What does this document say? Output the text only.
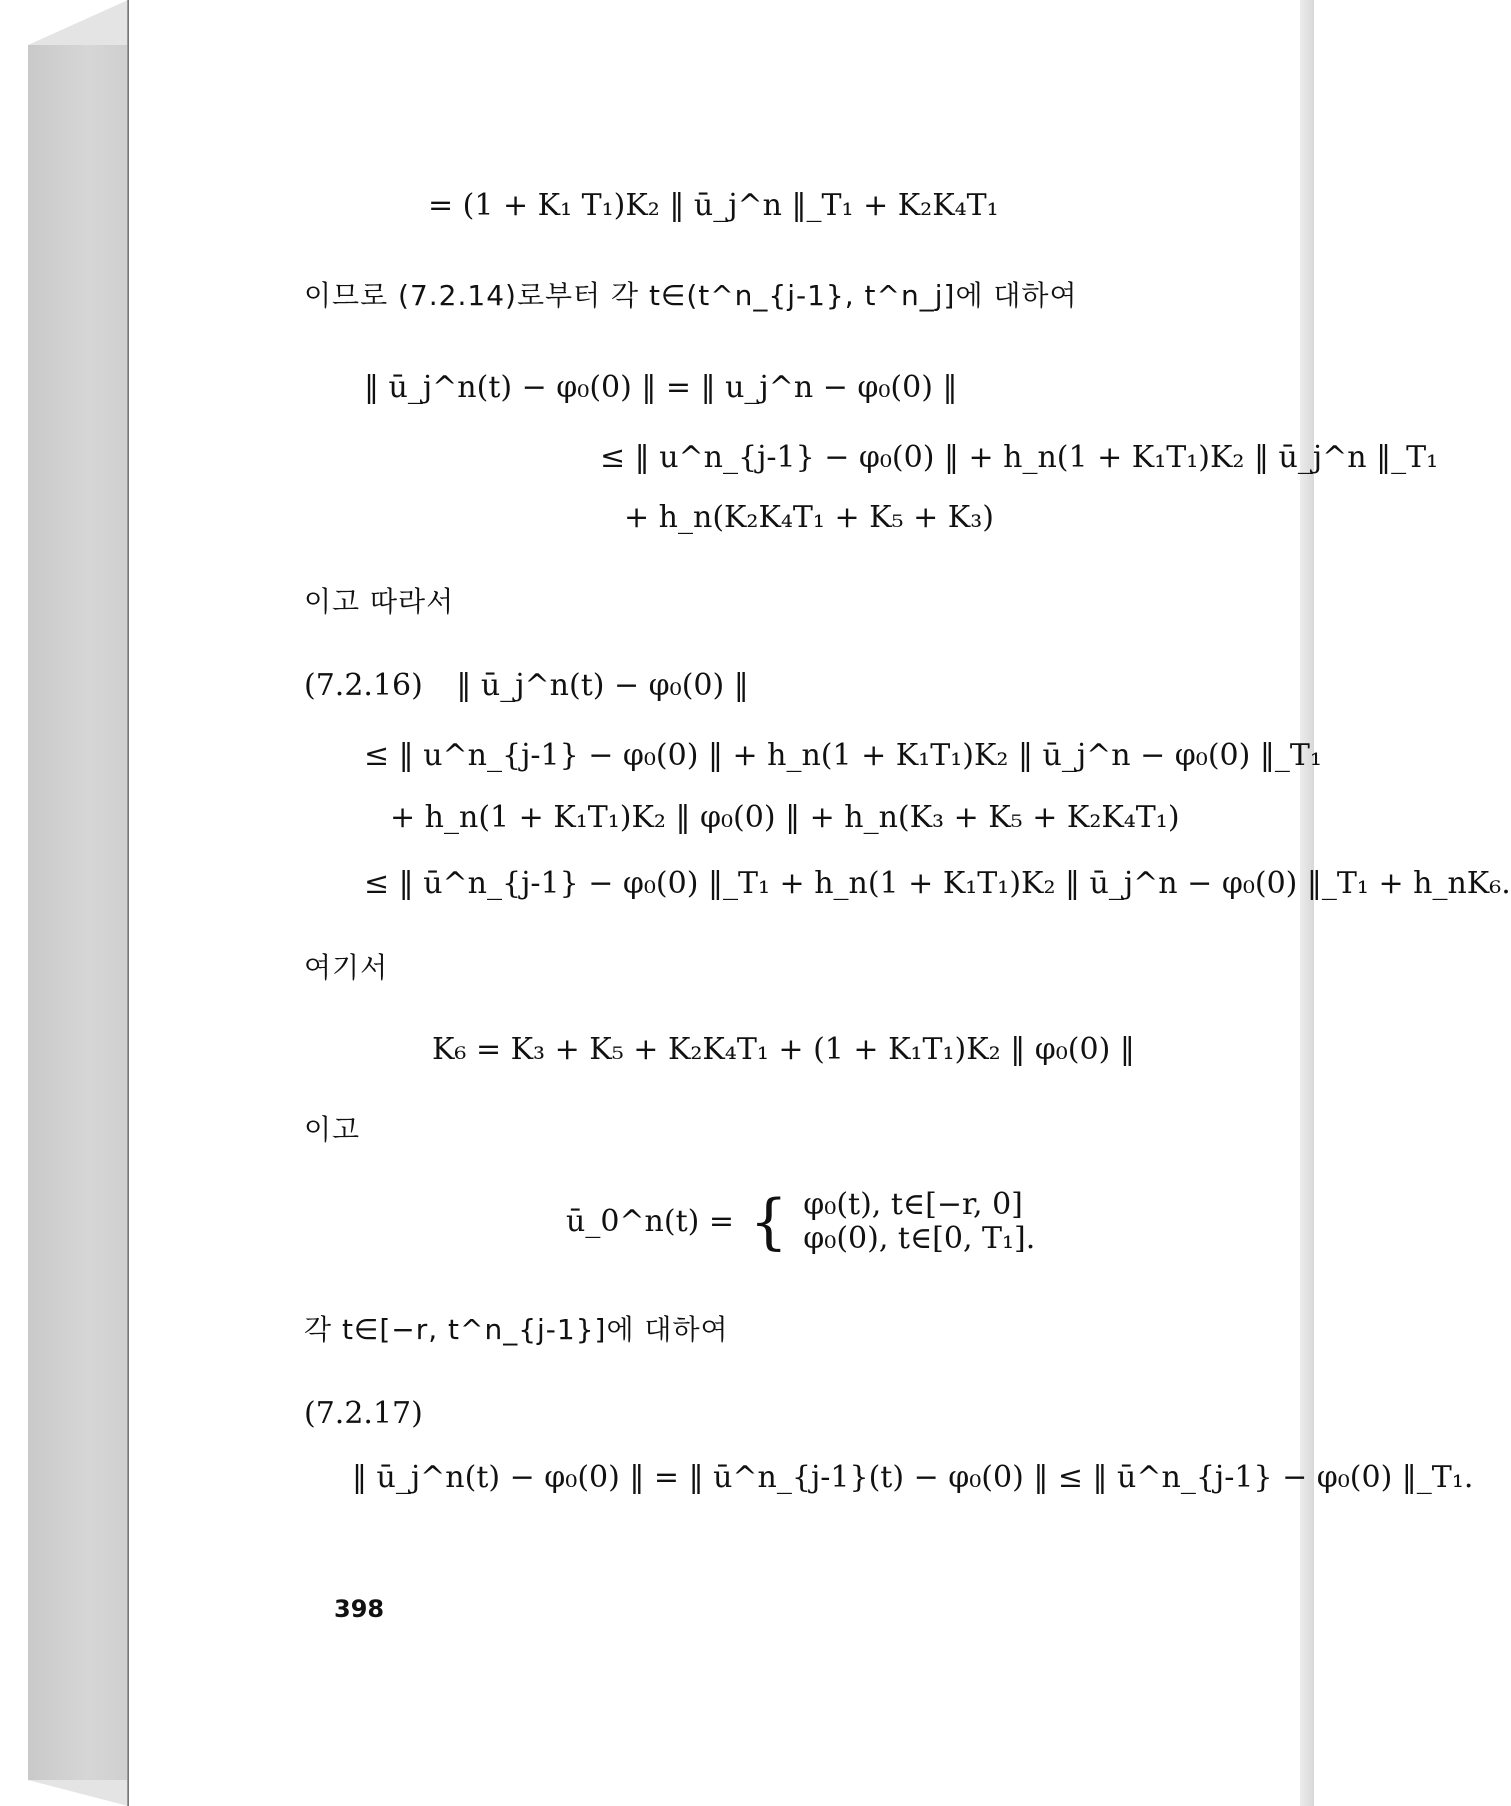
= (1 + K₁ T₁)K₂ ‖ ū_j^n ‖_T₁ + K₂K₄T₁
이므로 (7.2.14)로부터 각 t∈(t^n_{j-1}, t^n_j]에 대하여
‖ ū_j^n(t) − φ₀(0) ‖ = ‖ u_j^n − φ₀(0) ‖
≤ ‖ u^n_{j-1} − φ₀(0) ‖ + h_n(1 + K₁T₁)K₂ ‖ ū_j^n ‖_T₁
+ h_n(K₂K₄T₁ + K₅ + K₃)
이고 따라서
(7.2.16) ‖ ū_j^n(t) − φ₀(0) ‖
≤ ‖ u^n_{j-1} − φ₀(0) ‖ + h_n(1 + K₁T₁)K₂ ‖ ū_j^n − φ₀(0) ‖_T₁
+ h_n(1 + K₁T₁)K₂ ‖ φ₀(0) ‖ + h_n(K₃ + K₅ + K₂K₄T₁)
≤ ‖ ū^n_{j-1} − φ₀(0) ‖_T₁ + h_n(1 + K₁T₁)K₂ ‖ ū_j^n − φ₀(0) ‖_T₁ + h_nK₆.
여기서
K₆ = K₃ + K₅ + K₂K₄T₁ + (1 + K₁T₁)K₂ ‖ φ₀(0) ‖
이고
ū_0^n(t) = { φ₀(t), t∈[−r, 0]
φ₀(0), t∈[0, T₁].
각 t∈[−r, t^n_{j-1}]에 대하여
(7.2.17)
‖ ū_j^n(t) − φ₀(0) ‖ = ‖ ū^n_{j-1}(t) − φ₀(0) ‖ ≤ ‖ ū^n_{j-1} − φ₀(0) ‖_T₁.
398
